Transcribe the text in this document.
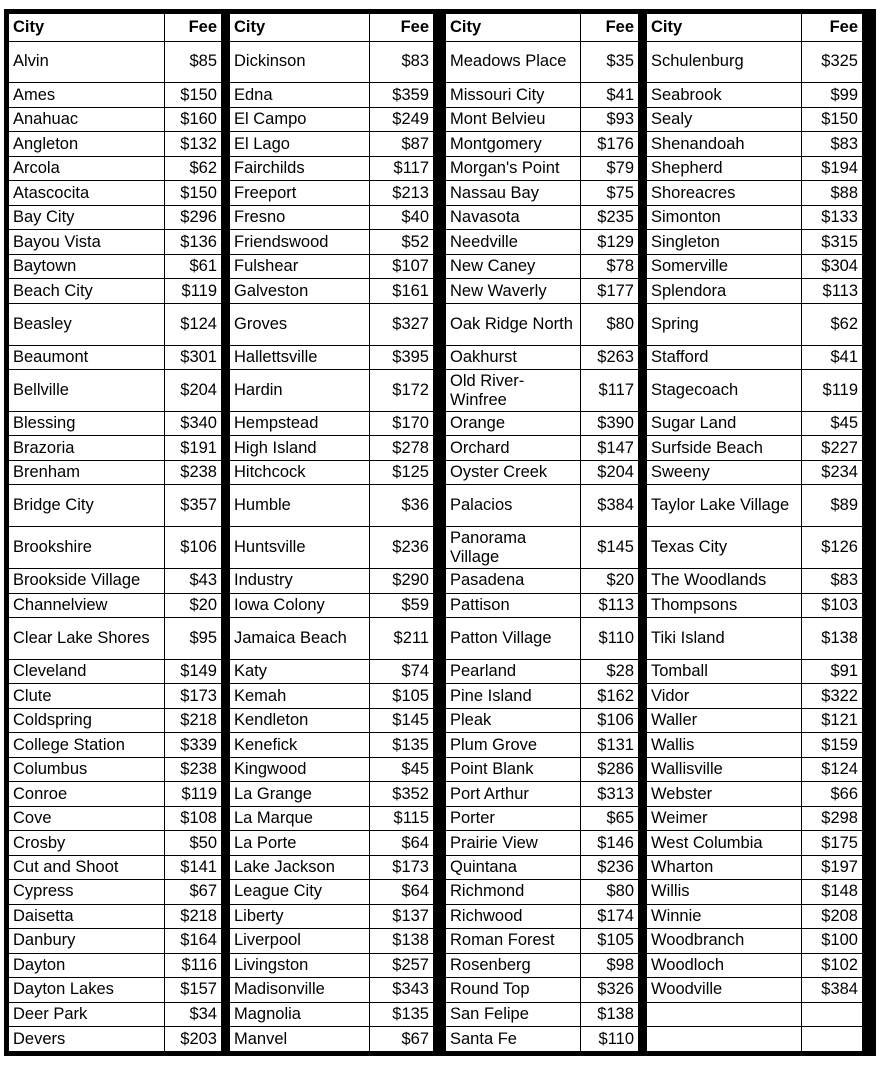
City	Fee
Alvin	$85
Ames	$150
Anahuac	$160
Angleton	$132
Arcola	$62
Atascocita	$150
Bay City	$296
Bayou Vista	$136
Baytown	$61
Beach City	$119
Beasley	$124
Beaumont	$301
Bellville	$204
Blessing	$340
Brazoria	$191
Brenham	$238
Bridge City	$357
Brookshire	$106
Brookside Village	$43
Channelview	$20
Clear Lake Shores	$95
Cleveland	$149
Clute	$173
Coldspring	$218
College Station	$339
Columbus	$238
Conroe	$119
Cove	$108
Crosby	$50
Cut and Shoot	$141
Cypress	$67
Daisetta	$218
Danbury	$164
Dayton	$116
Dayton Lakes	$157
Deer Park	$34
Devers	$203
City	Fee
Dickinson	$83
Edna	$359
El Campo	$249
El Lago	$87
Fairchilds	$117
Freeport	$213
Fresno	$40
Friendswood	$52
Fulshear	$107
Galveston	$161
Groves	$327
Hallettsville	$395
Hardin	$172
Hempstead	$170
High Island	$278
Hitchcock	$125
Humble	$36
Huntsville	$236
Industry	$290
Iowa Colony	$59
Jamaica Beach	$211
Katy	$74
Kemah	$105
Kendleton	$145
Kenefick	$135
Kingwood	$45
La Grange	$352
La Marque	$115
La Porte	$64
Lake Jackson	$173
League City	$64
Liberty	$137
Liverpool	$138
Livingston	$257
Madisonville	$343
Magnolia	$135
Manvel	$67
City	Fee
Meadows Place	$35
Missouri City	$41
Mont Belvieu	$93
Montgomery	$176
Morgan's Point	$79
Nassau Bay	$75
Navasota	$235
Needville	$129
New Caney	$78
New Waverly	$177
Oak Ridge North	$80
Oakhurst	$263
Old River-Winfree	$117
Orange	$390
Orchard	$147
Oyster Creek	$204
Palacios	$384
Panorama Village	$145
Pasadena	$20
Pattison	$113
Patton Village	$110
Pearland	$28
Pine Island	$162
Pleak	$106
Plum Grove	$131
Point Blank	$286
Port Arthur	$313
Porter	$65
Prairie View	$146
Quintana	$236
Richmond	$80
Richwood	$174
Roman Forest	$105
Rosenberg	$98
Round Top	$326
San Felipe	$138
Santa Fe	$110
City	Fee
Schulenburg	$325
Seabrook	$99
Sealy	$150
Shenandoah	$83
Shepherd	$194
Shoreacres	$88
Simonton	$133
Singleton	$315
Somerville	$304
Splendora	$113
Spring	$62
Stafford	$41
Stagecoach	$119
Sugar Land	$45
Surfside Beach	$227
Sweeny	$234
Taylor Lake Village	$89
Texas City	$126
The Woodlands	$83
Thompsons	$103
Tiki Island	$138
Tomball	$91
Vidor	$322
Waller	$121
Wallis	$159
Wallisville	$124
Webster	$66
Weimer	$298
West Columbia	$175
Wharton	$197
Willis	$148
Winnie	$208
Woodbranch	$100
Woodloch	$102
Woodville	$384
